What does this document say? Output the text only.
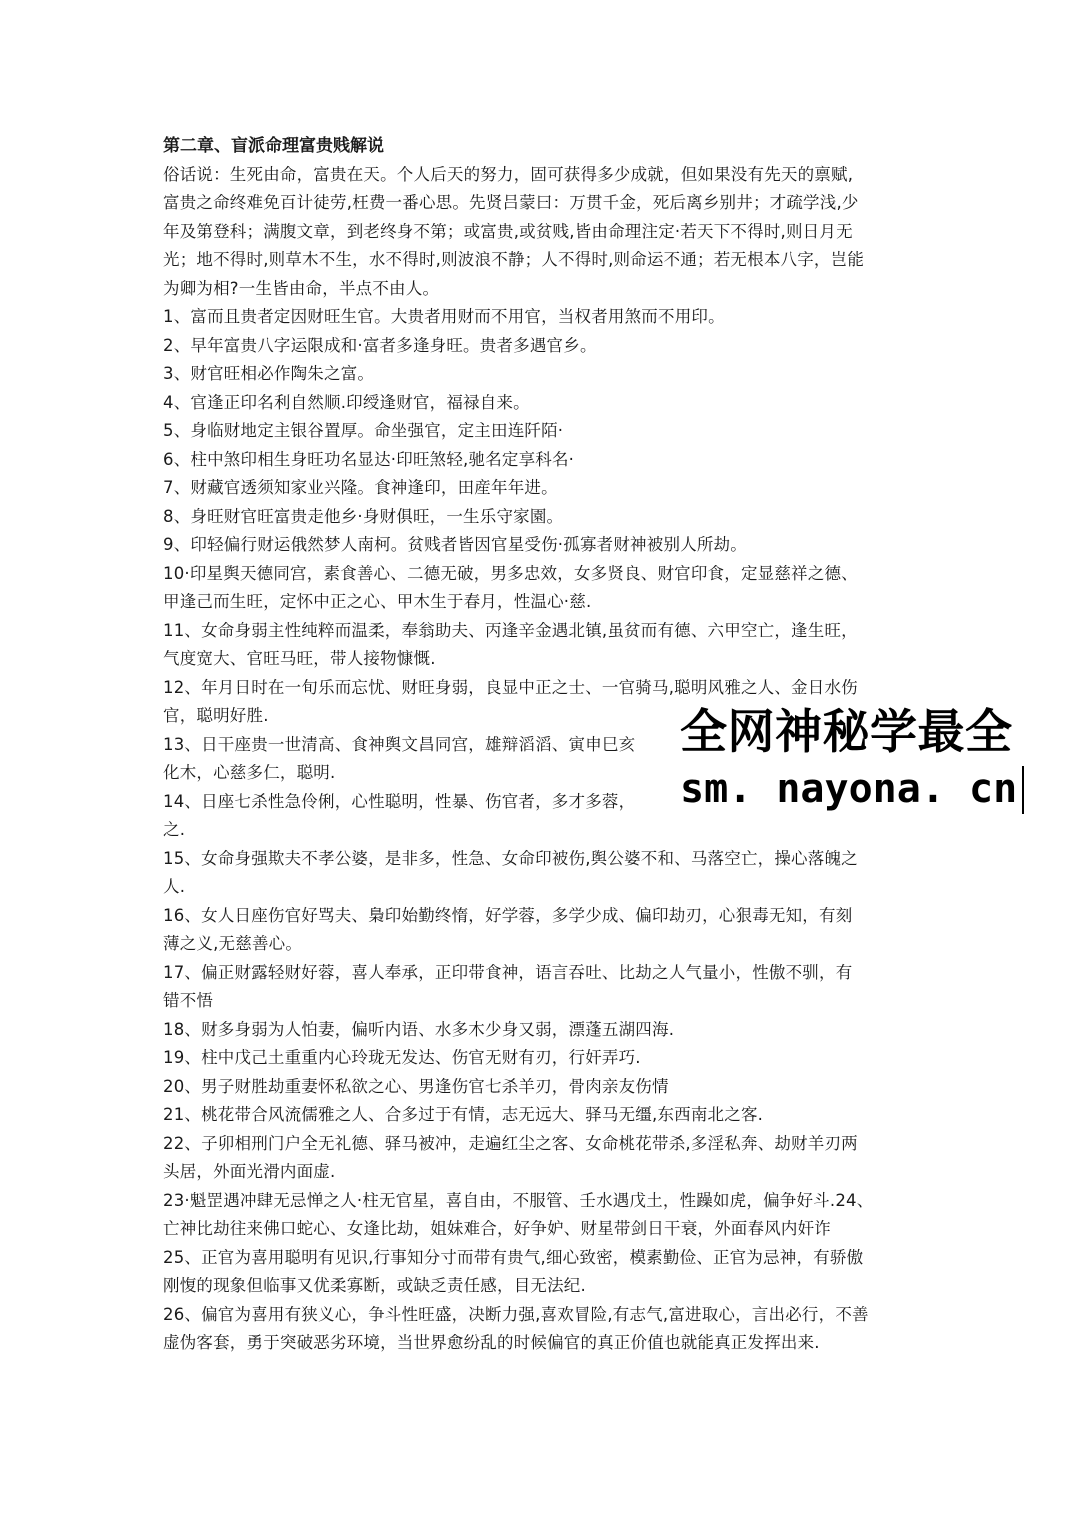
第二章、盲派命理富贵贱解说
俗话说：生死由命，富贵在天。个人后天的努力，固可获得多少成就，但如果没有先天的禀赋,
富贵之命终难免百计徒劳,枉费一番心思。先贤吕蒙曰：万贯千金，死后离乡别井；才疏学浅,少
年及第登科；满腹文章，到老终身不第；或富贵,或贫贱,皆由命理注定·若天下不得时,则日月无
光；地不得时,则草木不生，水不得时,则波浪不静；人不得时,则命运不通；若无根本八字，岂能
为卿为相?一生皆由命，半点不由人。
1、富而且贵者定因财旺生官。大贵者用财而不用官，当权者用煞而不用印。
2、早年富贵八字运限成和·富者多逢身旺。贵者多遇官乡。
3、财官旺相必作陶朱之富。
4、官逢正印名利自然顺.印绶逢财官，福禄自来。
5、身临财地定主银谷置厚。命坐强官，定主田连阡陌·
6、柱中煞印相生身旺功名显达·印旺煞轻,驰名定享科名·
7、财藏官透须知家业兴隆。食神逢印，田産年年进。
8、身旺财官旺富贵走他乡·身财俱旺，一生乐守家園。
9、印轻偏行财运俄然梦人南柯。贫贱者皆因官星受伤·孤寡者财神被别人所劫。
10·印星舆天德同宫，素食善心、二德无破，男多忠效，女多贤良、财官印食，定显慈祥之德、
甲逢己而生旺，定怀中正之心、甲木生于春月，性温心·慈.
11、女命身弱主性纯粹而温柔，奉翁助夫、丙逢辛金遇北镇,虽贫而有德、六甲空亡，逢生旺，
气度宽大、官旺马旺，带人接物慷慨.
12、年月日时在一旬乐而忘忧、财旺身弱，良显中正之士、一官骑马,聪明风雅之人、金日水伤
官，聪明好胜.
13、日干座贵一世清高、食神舆文昌同宫，雄辩滔滔、寅申巳亥
化木，心慈多仁，聪明.
14、日座七杀性急伶俐，心性聪明，性暴、伤官者，多才多蓉，
之.
15、女命身强欺夫不孝公婆，是非多，性急、女命印被伤,舆公婆不和、马落空亡，操心落魄之
人.
16、女人日座伤官好骂夫、梟印始勤终惰，好学蓉，多学少成、偏印劫刃，心狠毒无知，有刻
薄之义,无慈善心。
17、偏正财露轻财好蓉，喜人奉承，正印带食神，语言吞吐、比劫之人气量小，性傲不驯，有
错不悟
18、财多身弱为人怕妻，偏听内语、水多木少身又弱，漂蓬五湖四海.
19、柱中戊己土重重内心玲珑无发达、伤官无财有刃，行奸弄巧.
20、男子财胜劫重妻怀私欲之心、男逢伤官七杀羊刃，骨肉亲友伤情
21、桃花带合风流儒雅之人、合多过于有情，志无远大、驿马无缰,东西南北之客.
22、子卯相刑门户全无礼德、驿马被冲，走遍红尘之客、女命桃花带杀,多淫私奔、劫财羊刃两
头居，外面光滑内面虚.
23·魁罡遇冲肆无忌惮之人·柱无官星，喜自由，不服管、壬水遇戊土，性躁如虎，偏争好斗.24、
亡神比劫往来佛口蛇心、女逢比劫，姐妹难合，好争妒、财星带剑日干衰，外面春风内奸诈
25、正官为喜用聪明有见识,行事知分寸而带有贵气,细心致密，模素勤俭、正官为忌神，有骄傲
刚愎的现象但临事又优柔寡断，或缺乏责任感，目无法纪.
26、偏官为喜用有狭义心，争斗性旺盛，决断力强,喜欢冒险,有志气,富进取心，言出必行，不善
虚伪客套，勇于突破恶劣环境，当世界愈纷乱的时候偏官的真正价值也就能真正发挥出来.
全网神秘学最全
sm. nayona. cn
